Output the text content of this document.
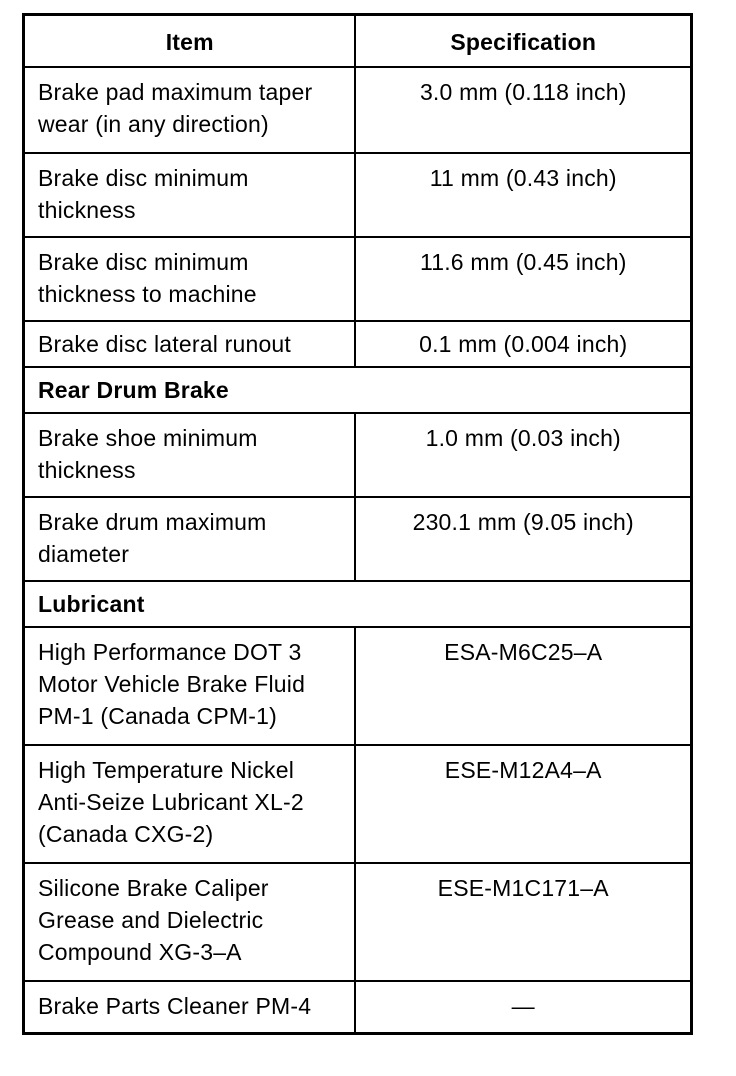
Item	Specification
Brake pad maximum taper wear (in any direction)	3.0 mm (0.118 inch)
Brake disc minimum thickness	11 mm (0.43 inch)
Brake disc minimum thickness to machine	11.6 mm (0.45 inch)
Brake disc lateral runout	0.1 mm (0.004 inch)
Rear Drum Brake	
Brake shoe minimum thickness	1.0 mm (0.03 inch)
Brake drum maximum diameter	230.1 mm (9.05 inch)
Lubricant	
High Performance DOT 3 Motor Vehicle Brake Fluid PM-1 (Canada CPM-1)	ESA-M6C25–A
High Temperature Nickel Anti-Seize Lubricant XL-2 (Canada CXG-2)	ESE-M12A4–A
Silicone Brake Caliper Grease and Dielectric Compound XG-3–A	ESE-M1C171–A
Brake Parts Cleaner PM-4	—
